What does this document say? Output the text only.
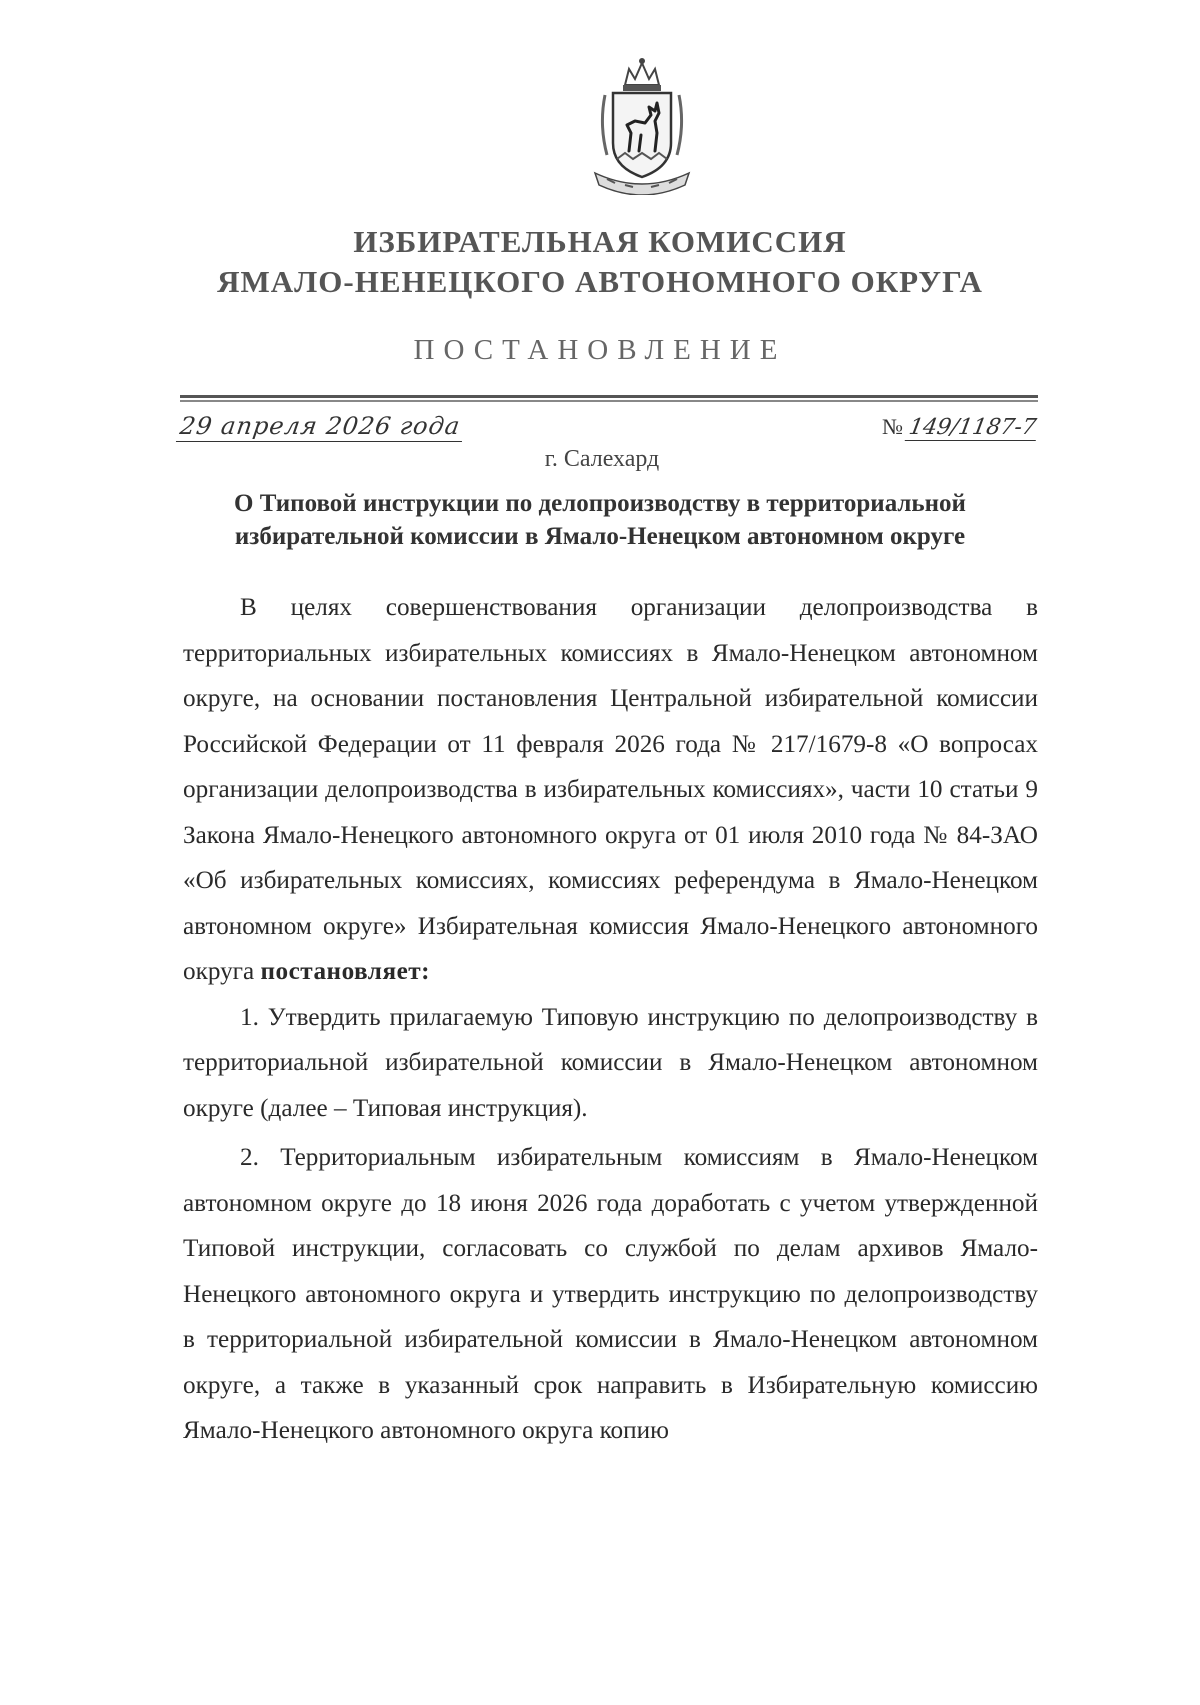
ИЗБИРАТЕЛЬНАЯ КОМИССИЯ

ЯМАЛО-НЕНЕЦКОГО АВТОНОМНОГО ОКРУГА

ПОСТАНОВЛЕНИЕ

29 апреля 2026 года	№ 149/1187-7
г. Салехард
О Типовой инструкции по делопроизводству в территориальной
избирательной комиссии в Ямало-Ненецком автономном округе

В целях совершенствования организации делопроизводства в территориальных избирательных комиссиях в Ямало-Ненецком автономном округе, на основании постановления Центральной избирательной комиссии Российской Федерации от 11 февраля 2026 года № 217/1679-8 «О вопросах организации делопроизводства в избирательных комиссиях», части 10 статьи 9 Закона Ямало-Ненецкого автономного округа от 01 июля 2010 года № 84-ЗАО «Об избирательных комиссиях, комиссиях референдума в Ямало-Ненецком автономном округе» Избирательная комиссия Ямало-Ненецкого автономного округа постановляет:

1. Утвердить прилагаемую Типовую инструкцию по делопроизводству в территориальной избирательной комиссии в Ямало-Ненецком автономном округе (далее – Типовая инструкция).

2. Территориальным избирательным комиссиям в Ямало-Ненецком автономном округе до 18 июня 2026 года доработать с учетом утвержденной Типовой инструкции, согласовать со службой по делам архивов Ямало-Ненецкого автономного округа и утвердить инструкцию по делопроизводству в территориальной избирательной комиссии в Ямало-Ненецком автономном округе, а также в указанный срок направить в Избирательную комиссию Ямало-Ненецкого автономного округа копию
